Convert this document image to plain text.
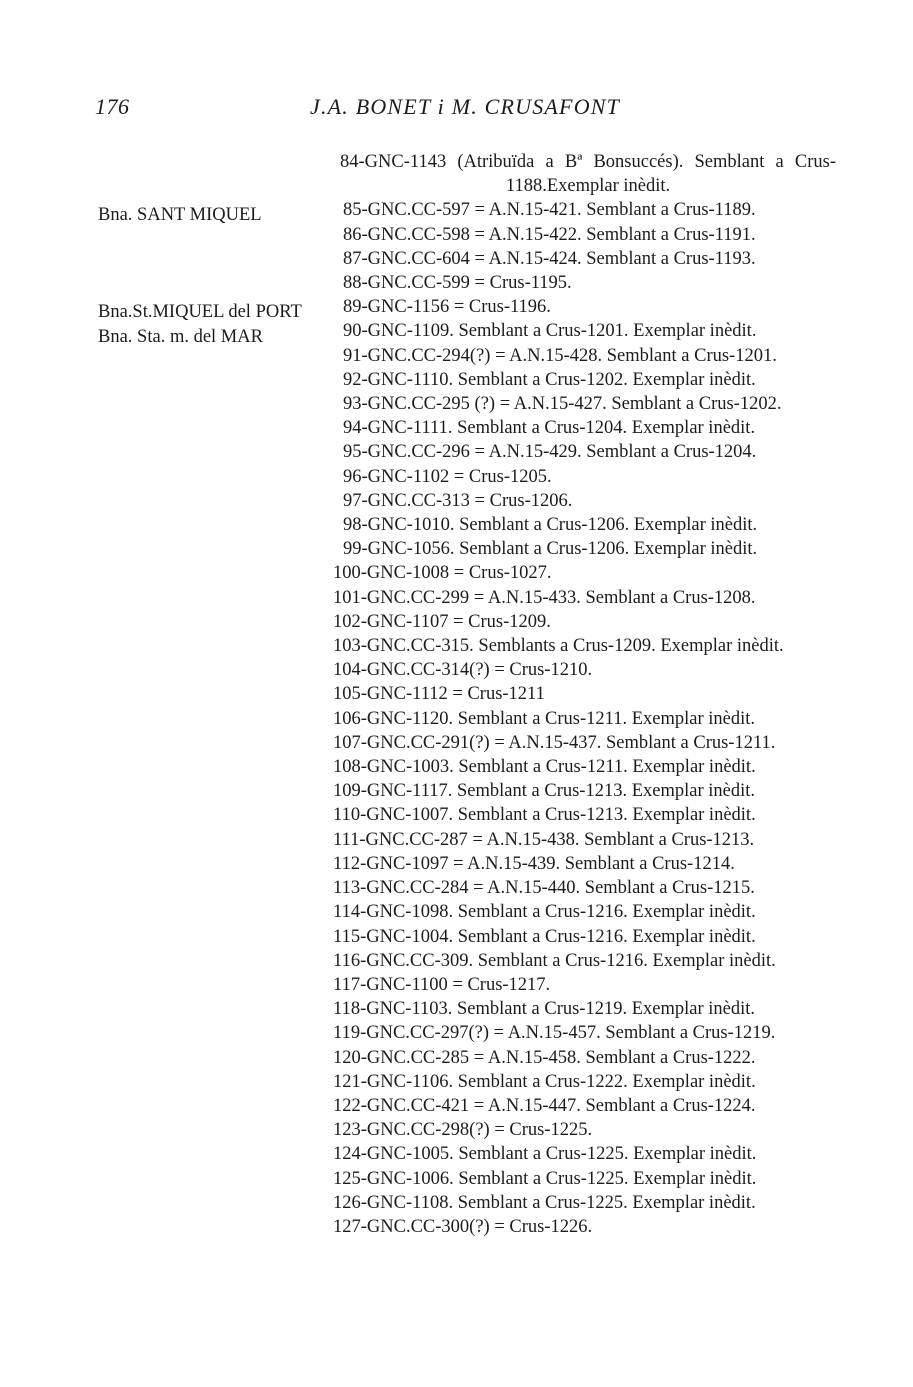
176	J.A. BONET i M. CRUSAFONT
Bna. SANT MIQUEL
Bna.St.MIQUEL del PORT
Bna. Sta. m. del MAR
84-GNC-1143 (Atribuïda a Bª Bonsuccés). Semblant a Crus-1188.Exemplar inèdit.
85-GNC.CC-597 = A.N.15-421. Semblant a Crus-1189.
86-GNC.CC-598 = A.N.15-422. Semblant a Crus-1191.
87-GNC.CC-604 = A.N.15-424. Semblant a Crus-1193.
88-GNC.CC-599 = Crus-1195.
89-GNC-1156 = Crus-1196.
90-GNC-1109. Semblant a Crus-1201. Exemplar inèdit.
91-GNC.CC-294(?) = A.N.15-428. Semblant a Crus-1201.
92-GNC-1110. Semblant a Crus-1202. Exemplar inèdit.
93-GNC.CC-295 (?) = A.N.15-427. Semblant a Crus-1202.
94-GNC-1111. Semblant a Crus-1204. Exemplar inèdit.
95-GNC.CC-296 = A.N.15-429. Semblant a Crus-1204.
96-GNC-1102 = Crus-1205.
97-GNC.CC-313 = Crus-1206.
98-GNC-1010. Semblant a Crus-1206. Exemplar inèdit.
99-GNC-1056. Semblant a Crus-1206. Exemplar inèdit.
100-GNC-1008 = Crus-1027.
101-GNC.CC-299 = A.N.15-433. Semblant a Crus-1208.
102-GNC-1107 = Crus-1209.
103-GNC.CC-315. Semblants a Crus-1209. Exemplar inèdit.
104-GNC.CC-314(?) = Crus-1210.
105-GNC-1112 = Crus-1211
106-GNC-1120. Semblant a Crus-1211. Exemplar inèdit.
107-GNC.CC-291(?) = A.N.15-437. Semblant a Crus-1211.
108-GNC-1003. Semblant a Crus-1211. Exemplar inèdit.
109-GNC-1117. Semblant a Crus-1213. Exemplar inèdit.
110-GNC-1007. Semblant a Crus-1213. Exemplar inèdit.
111-GNC.CC-287 = A.N.15-438. Semblant a Crus-1213.
112-GNC-1097 = A.N.15-439. Semblant a Crus-1214.
113-GNC.CC-284 = A.N.15-440. Semblant a Crus-1215.
114-GNC-1098. Semblant a Crus-1216. Exemplar inèdit.
115-GNC-1004. Semblant a Crus-1216. Exemplar inèdit.
116-GNC.CC-309. Semblant a Crus-1216. Exemplar inèdit.
117-GNC-1100 = Crus-1217.
118-GNC-1103. Semblant a Crus-1219. Exemplar inèdit.
119-GNC.CC-297(?) = A.N.15-457. Semblant a Crus-1219.
120-GNC.CC-285 = A.N.15-458. Semblant a Crus-1222.
121-GNC-1106. Semblant a Crus-1222. Exemplar inèdit.
122-GNC.CC-421 = A.N.15-447. Semblant a Crus-1224.
123-GNC.CC-298(?) = Crus-1225.
124-GNC-1005. Semblant a Crus-1225. Exemplar inèdit.
125-GNC-1006. Semblant a Crus-1225. Exemplar inèdit.
126-GNC-1108. Semblant a Crus-1225. Exemplar inèdit.
127-GNC.CC-300(?) = Crus-1226.
